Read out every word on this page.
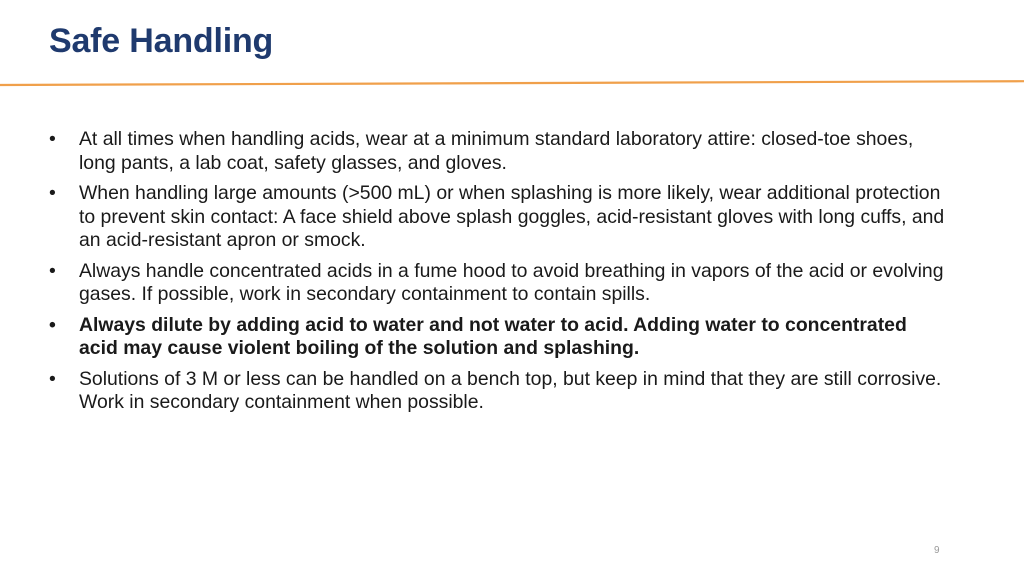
Safe Handling
•	At all times when handling acids, wear at a minimum standard laboratory attire: closed-toe shoes, long pants, a lab coat, safety glasses, and gloves.
•	When handling large amounts (>500 mL) or when splashing is more likely, wear additional protection to prevent skin contact: A face shield above splash goggles, acid-resistant gloves with long cuffs, and an acid-resistant apron or smock.
•	Always handle concentrated acids in a fume hood to avoid breathing in vapors of the acid or evolving gases. If possible, work in secondary containment to contain spills.
•	Always dilute by adding acid to water and not water to acid. Adding water to concentrated acid may cause violent boiling of the solution and splashing.
•	Solutions of 3 M or less can be handled on a bench top, but keep in mind that they are still corrosive. Work in secondary containment when possible.
9
